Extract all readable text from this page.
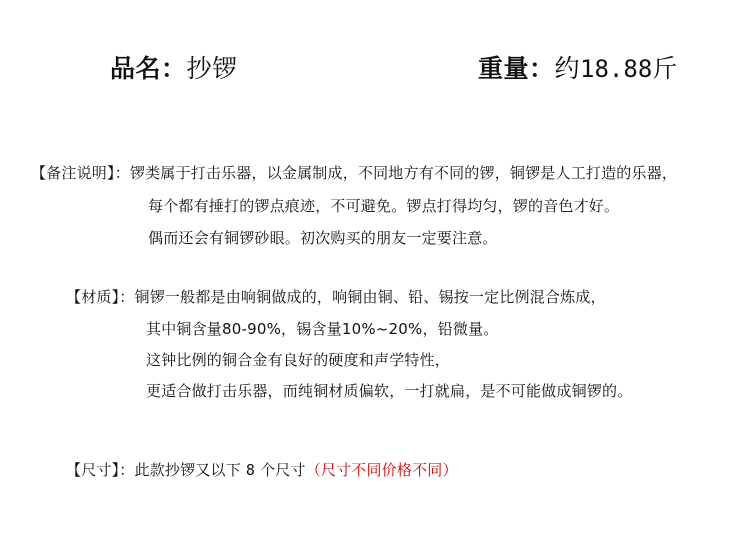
品名：抄锣	重量：约18.88斤
【备注说明】：锣类属于打击乐器，以金属制成，不同地方有不同的锣，铜锣是人工打造的乐器，
每个都有捶打的锣点痕迹，不可避免。锣点打得均匀，锣的音色才好。
偶而还会有铜锣砂眼。初次购买的朋友一定要注意。
【材质】：铜锣一般都是由响铜做成的，响铜由铜、铅、锡按一定比例混合炼成，
其中铜含量80-90%，锡含量10%~20%，铅微量。
这钟比例的铜合金有良好的硬度和声学特性，
更适合做打击乐器，而纯铜材质偏软，一打就扁，是不可能做成铜锣的。
【尺寸】：此款抄锣又以下 8 个尺寸（尺寸不同价格不同）
